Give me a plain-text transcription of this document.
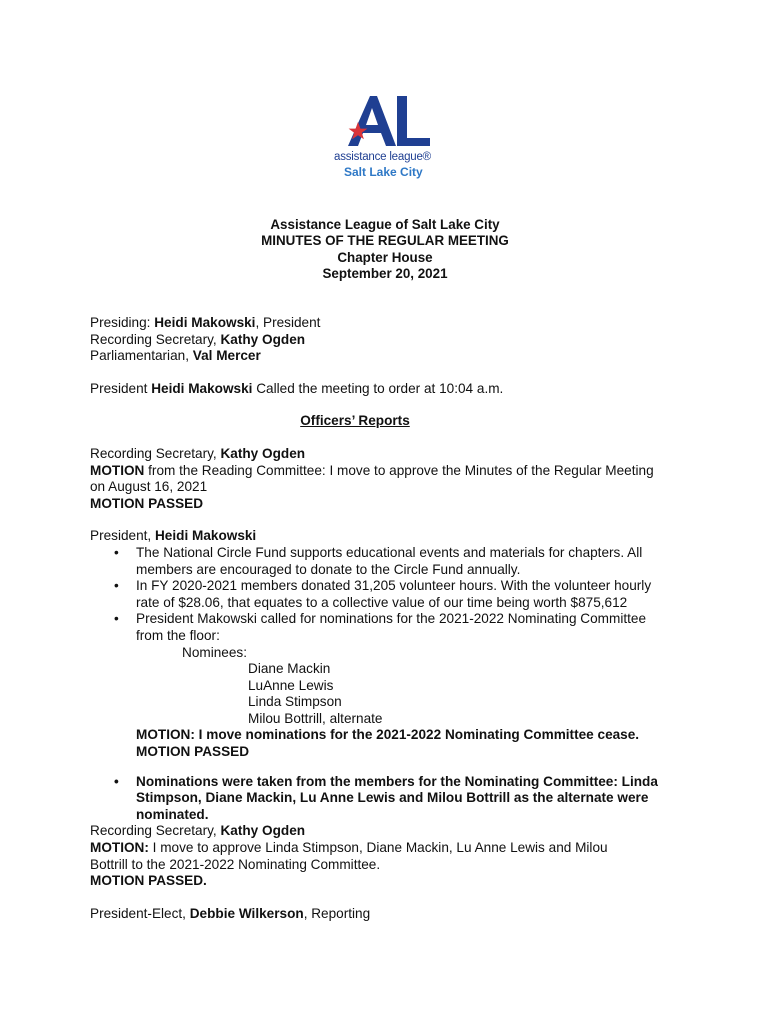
AL
assistance league®
Salt Lake City
Assistance League of Salt Lake City
MINUTES OF THE REGULAR MEETING
Chapter House
September 20, 2021
Presiding: Heidi Makowski, President
Recording Secretary, Kathy Ogden
Parliamentarian, Val Mercer
President Heidi Makowski Called the meeting to order at 10:04 a.m.
Officers’ Reports
Recording Secretary, Kathy Ogden
MOTION from the Reading Committee: I move to approve the Minutes of the Regular Meeting
on August 16, 2021
MOTION PASSED
President, Heidi Makowski
• The National Circle Fund supports educational events and materials for chapters. All
members are encouraged to donate to the Circle Fund annually.
• In FY 2020-2021 members donated 31,205 volunteer hours. With the volunteer hourly
rate of $28.06, that equates to a collective value of our time being worth $875,612
• President Makowski called for nominations for the 2021-2022 Nominating Committee
from the floor:
Nominees:
Diane Mackin
LuAnne Lewis
Linda Stimpson
Milou Bottrill, alternate
MOTION: I move nominations for the 2021-2022 Nominating Committee cease.
MOTION PASSED
• Nominations were taken from the members for the Nominating Committee: Linda
Stimpson, Diane Mackin, Lu Anne Lewis and Milou Bottrill as the alternate were
nominated.
Recording Secretary, Kathy Ogden
MOTION: I move to approve Linda Stimpson, Diane Mackin, Lu Anne Lewis and Milou
Bottrill to the 2021-2022 Nominating Committee.
MOTION PASSED.
President-Elect, Debbie Wilkerson, Reporting
